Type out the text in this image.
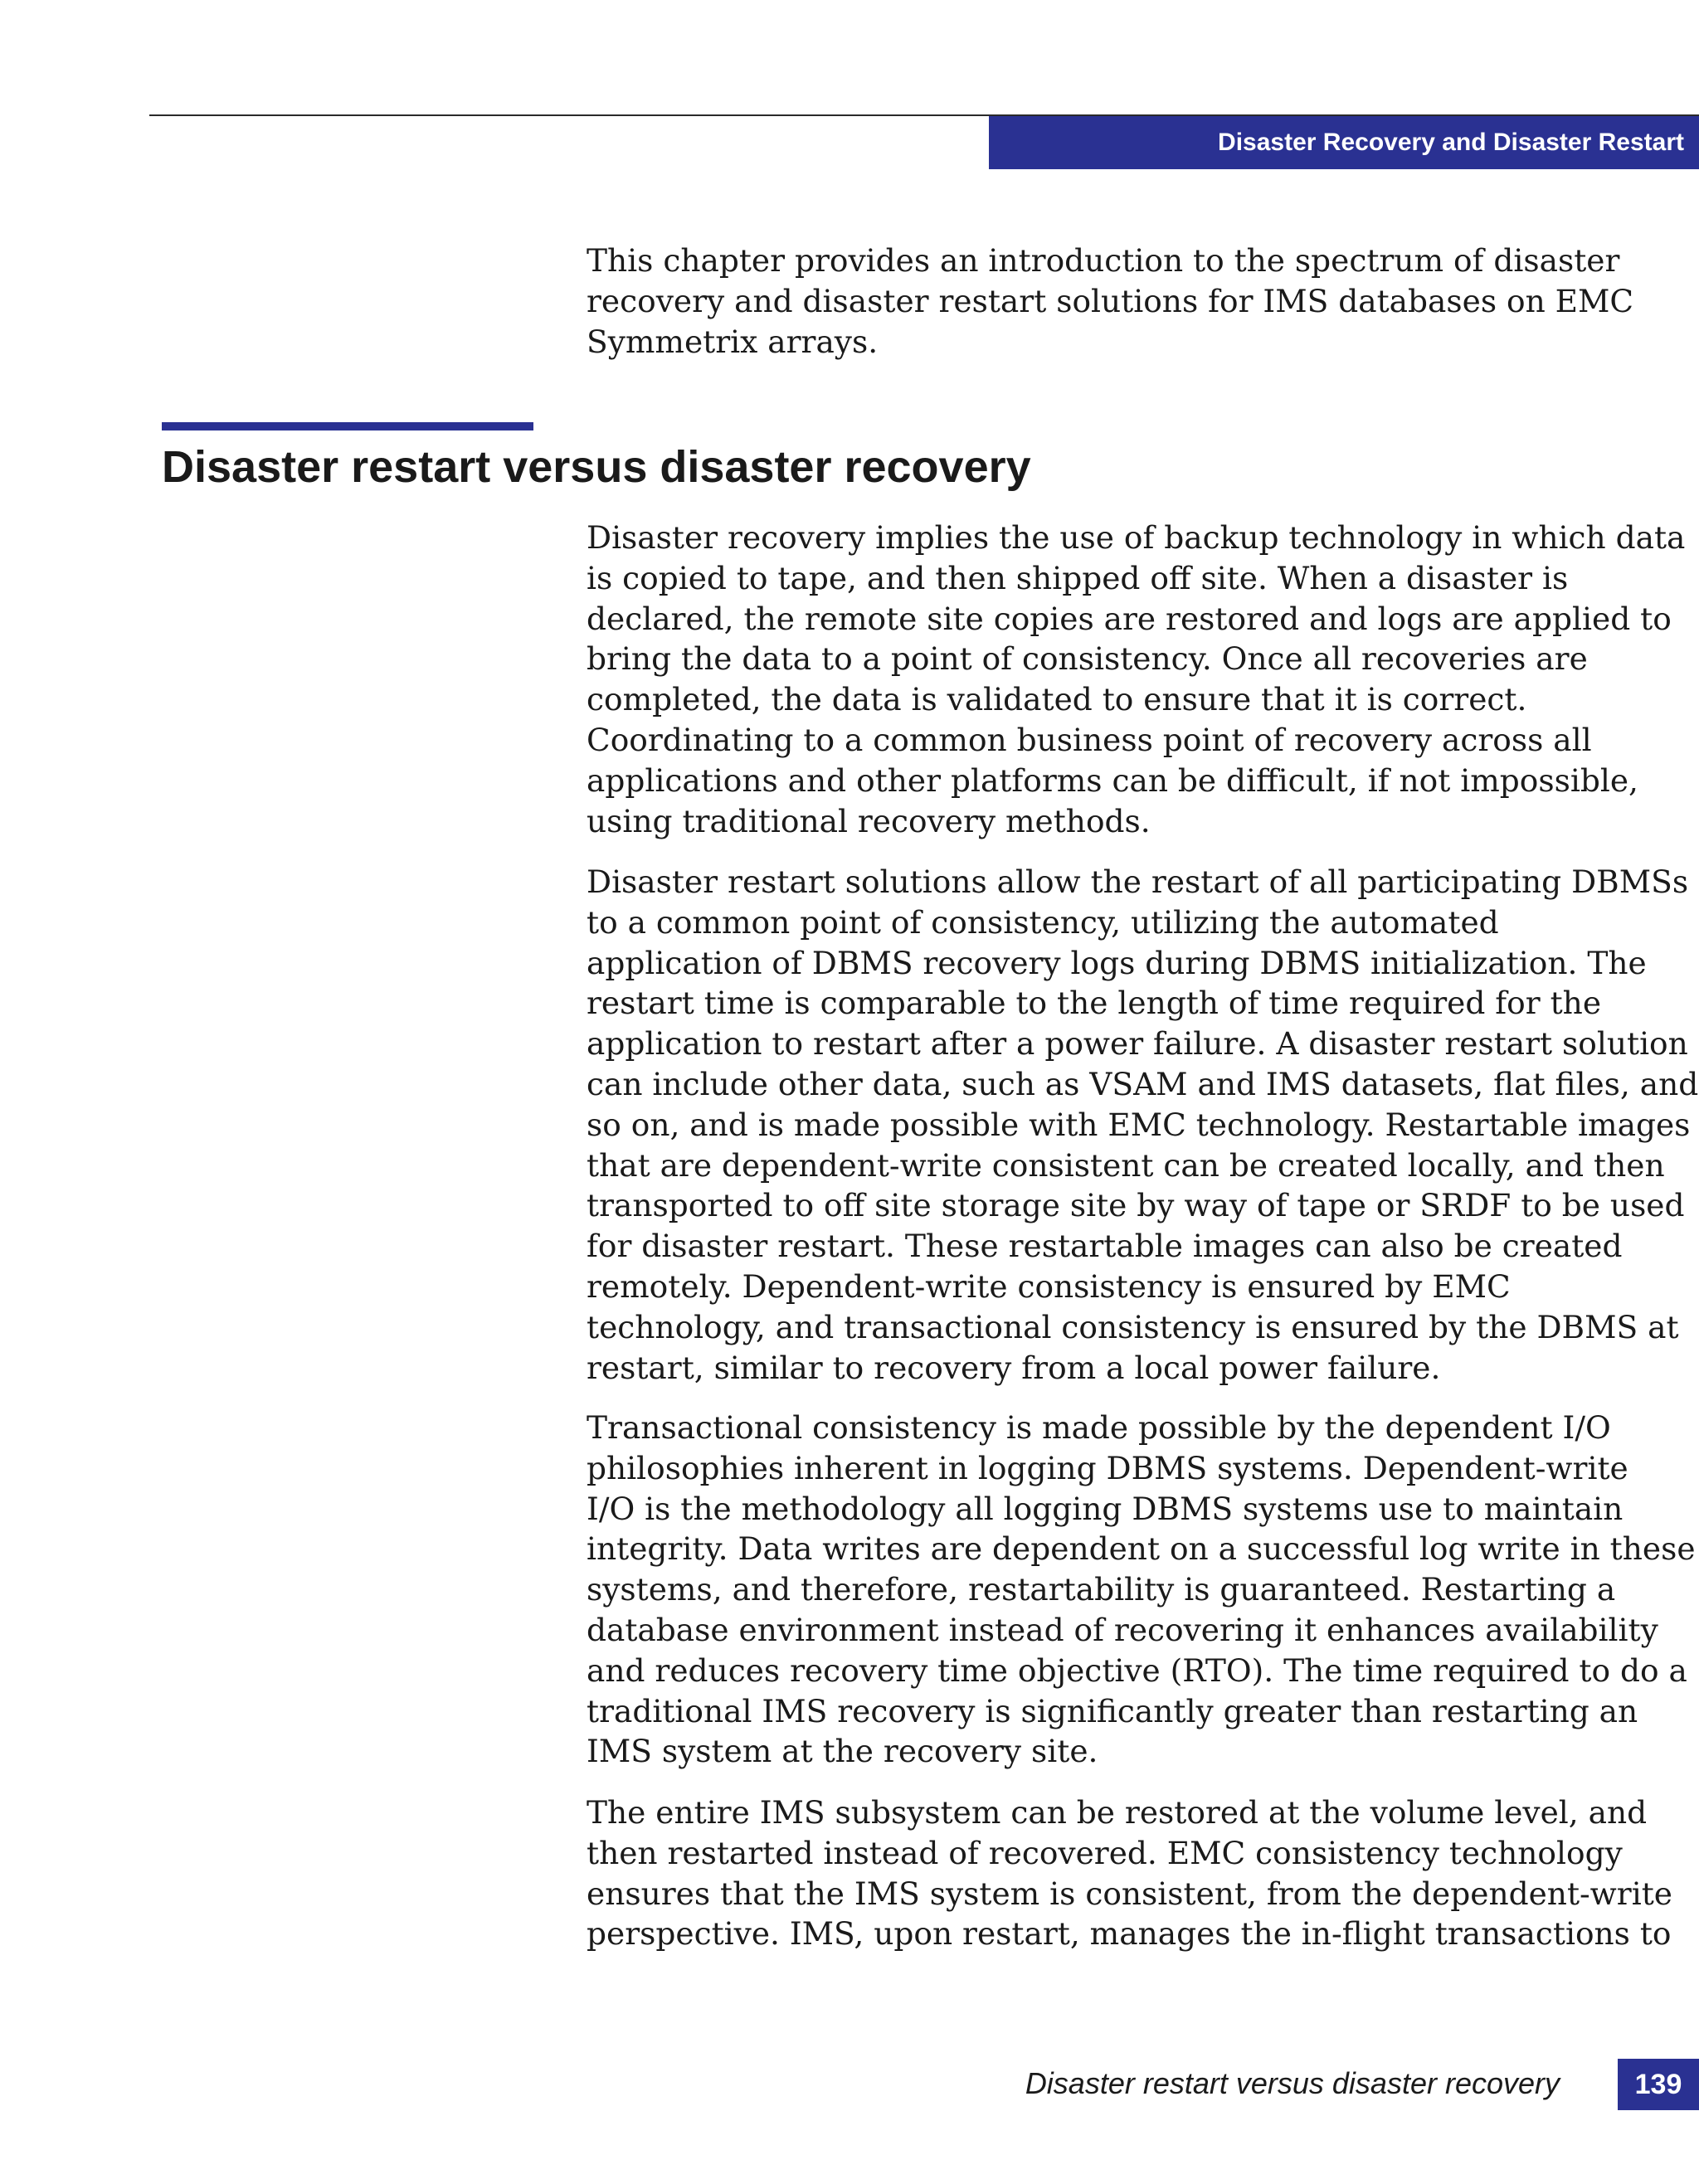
Disaster Recovery and Disaster Restart

This chapter provides an introduction to the spectrum of disaster
recovery and disaster restart solutions for IMS databases on EMC
Symmetrix arrays.

Disaster restart versus disaster recovery

Disaster recovery implies the use of backup technology in which data
is copied to tape, and then shipped off site. When a disaster is
declared, the remote site copies are restored and logs are applied to
bring the data to a point of consistency. Once all recoveries are
completed, the data is validated to ensure that it is correct.
Coordinating to a common business point of recovery across all
applications and other platforms can be difficult, if not impossible,
using traditional recovery methods.

Disaster restart solutions allow the restart of all participating DBMSs
to a common point of consistency, utilizing the automated
application of DBMS recovery logs during DBMS initialization. The
restart time is comparable to the length of time required for the
application to restart after a power failure. A disaster restart solution
can include other data, such as VSAM and IMS datasets, flat files, and
so on, and is made possible with EMC technology. Restartable images
that are dependent-write consistent can be created locally, and then
transported to off site storage site by way of tape or SRDF to be used
for disaster restart. These restartable images can also be created
remotely. Dependent-write consistency is ensured by EMC
technology, and transactional consistency is ensured by the DBMS at
restart, similar to recovery from a local power failure.

Transactional consistency is made possible by the dependent I/O
philosophies inherent in logging DBMS systems. Dependent-write
I/O is the methodology all logging DBMS systems use to maintain
integrity. Data writes are dependent on a successful log write in these
systems, and therefore, restartability is guaranteed. Restarting a
database environment instead of recovering it enhances availability
and reduces recovery time objective (RTO). The time required to do a
traditional IMS recovery is significantly greater than restarting an
IMS system at the recovery site.

The entire IMS subsystem can be restored at the volume level, and
then restarted instead of recovered. EMC consistency technology
ensures that the IMS system is consistent, from the dependent-write
perspective. IMS, upon restart, manages the in-flight transactions to

Disaster restart versus disaster recovery	139
